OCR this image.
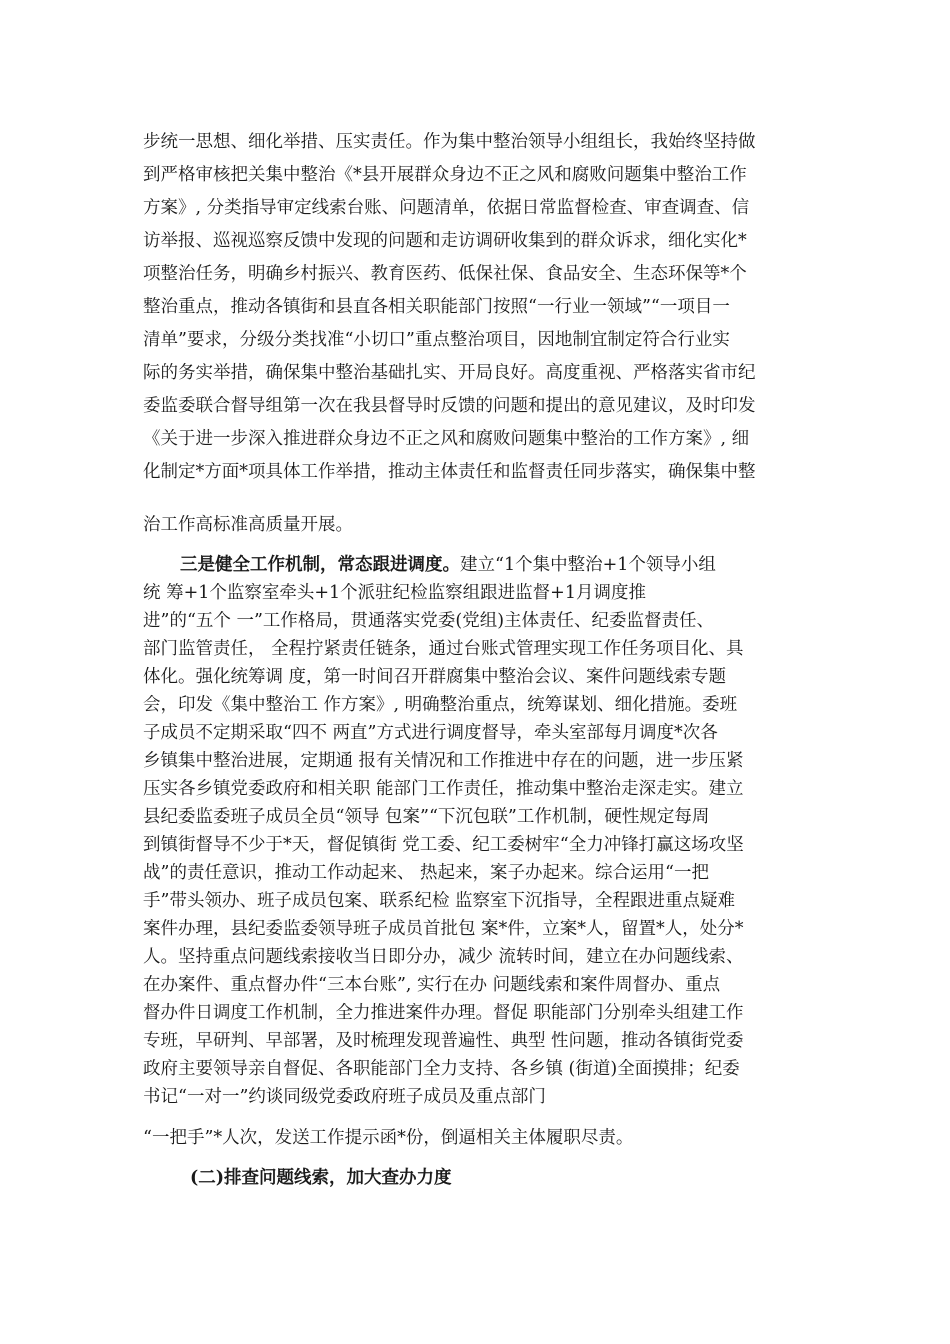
步统一思想、细化举措、压实责任。作为集中整治领导小组组长，我始终坚持做
到严格审核把关集中整治《*县开展群众身边不正之风和腐败问题集中整治工作
方案》, 分类指导审定线索台账、问题清单，依据日常监督检查、审查调查、信
访举报、巡视巡察反馈中发现的问题和走访调研收集到的群众诉求，细化实化*
项整治任务，明确乡村振兴、教育医药、低保社保、食品安全、生态环保等*个
整治重点，推动各镇街和县直各相关职能部门按照“一行业一领域”“一项目一
清单”要求，分级分类找准“小切口”重点整治项目，因地制宜制定符合行业实
际的务实举措，确保集中整治基础扎实、开局良好。高度重视、严格落实省市纪
委监委联合督导组第一次在我县督导时反馈的问题和提出的意见建议，及时印发
《关于进一步深入推进群众身边不正之风和腐败问题集中整治的工作方案》, 细
化制定*方面*项具体工作举措，推动主体责任和监督责任同步落实，确保集中整
治工作高标准高质量开展。
三是健全工作机制，常态跟进调度。建立“1个集中整治+1个领导小组
统 筹+1个监察室牵头+1个派驻纪检监察组跟进监督+1月调度推
进”的“五个 一”工作格局，贯通落实党委(党组)主体责任、纪委监督责任、
部门监管责任， 全程拧紧责任链条，通过台账式管理实现工作任务项目化、具
体化。强化统筹调 度，第一时间召开群腐集中整治会议、案件问题线索专题
会，印发《集中整治工 作方案》, 明确整治重点，统筹谋划、细化措施。委班
子成员不定期采取“四不 两直”方式进行调度督导，牵头室部每月调度*次各
乡镇集中整治进展，定期通 报有关情况和工作推进中存在的问题，进一步压紧
压实各乡镇党委政府和相关职 能部门工作责任，推动集中整治走深走实。建立
县纪委监委班子成员全员“领导 包案”“下沉包联”工作机制，硬性规定每周
到镇街督导不少于*天，督促镇街 党工委、纪工委树牢“全力冲锋打赢这场攻坚
战”的责任意识，推动工作动起来、 热起来，案子办起来。综合运用“一把
手”带头领办、班子成员包案、联系纪检 监察室下沉指导，全程跟进重点疑难
案件办理，县纪委监委领导班子成员首批包 案*件，立案*人，留置*人，处分*
人。坚持重点问题线索接收当日即分办，减少 流转时间，建立在办问题线索、
在办案件、重点督办件“三本台账”, 实行在办 问题线索和案件周督办、重点
督办件日调度工作机制，全力推进案件办理。督促 职能部门分别牵头组建工作
专班，早研判、早部署，及时梳理发现普遍性、典型 性问题，推动各镇街党委
政府主要领导亲自督促、各职能部门全力支持、各乡镇 (街道)全面摸排；纪委
书记“一对一”约谈同级党委政府班子成员及重点部门
“一把手”*人次，发送工作提示函*份，倒逼相关主体履职尽责。
(二)排查问题线索，加大查办力度
